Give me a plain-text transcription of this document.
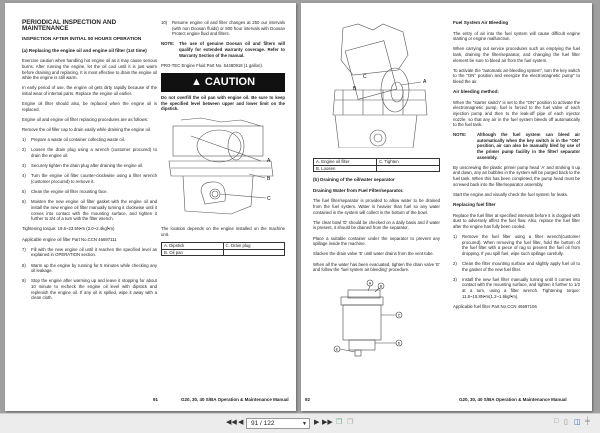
PERIODICAL INSPECTION AND MAINTENANCE
INSPECTION AFTER INITIAL 50 HOURS OPERATION
(a) Replacing the engine oil and engine oil filter (1st time)

Exercise caution when handling hot engine oil as it may cause serious burns. After running the engine, let the oil cool until it is just warm before draining and replacing. It is most effective to drain the engine oil while the engine is still warm.

In early period of use, the engine oil gets dirty rapidly because of the initial wear of internal parts. Replace the engine oil earlier.

Engine oil filter should also, be replaced when the engine oil is replaced.

Engine oil and engine oil filter replacing procedures are as follows:

Remove the oil filler cap to drain easily while draining the engine oil.

1)	Prepare a waste oil container collecting waste oil.
2)	Loosen the drain plug using a wrench (customer procured) to drain the engine oil.
3)	Securely tighten the drain plug after draining the engine oil.
4)	Turn the engine oil filter counter-clockwise using a filter wrench (customer procured) to remove it.
5)	Clean the engine oil filter mounting face.
6)	Moisten the new engine oil filter gasket with the engine oil and install the new engine oil filter manually turning it clockwise until it comes into contact with the mounting surface, and tighten it further to 3/4 of a turn with the filter wrench.

Tightening torque: 19.6~23.5N•m (2.0~2.4kgf•m)

Applicable engine oil filter Part No.CCN 46697111

7)	Fill with the new engine oil until it reaches the specified level as explained in OPERATION section.
8)	Warm up the engine by running for 5 minutes while checking any oil leakage.
9)	Stop the engine after warming up and leave it stopping for about 10 minute to recheck the engine oil level with dipstick and replenish the engine oil. If any oil is spilled, wipe it away with a clean cloth.
10)	Resume engine oil and filter changes at 250 our intervals (with non Doosan fluids) or 500 hour intervals with Doosan Protect engine fluid and filters.
NOTE:	The use of genuine Doosan oil and filters will qualify for extended warranty coverage. Refer to Warranty Section of the manual.

PRO-TEC Engine Fluid Part No. 54480918 (1 gallon).

▲ CAUTION

Do not overfill the oil pan with engine oil. Be sure to keep the specified level between upper and lower limit on the dipstick.

A
B
C

The location depends on the engine installed on the machine unit.

A. Dipstick	C. Drain plug
B. Oil pan	
91	G20, 30, 40 S/BA Operation & Maintenance Manual
A
B
C
A. Engine oil filter	C. Tighten
B. Loosen	
(b) Draining of the oil/water separator
Draining Water from Fuel Filter/separator.

The fuel filter/separator is provided to allow water to be drained from the fuel system. Water is heavier than fuel so any water contained in the system will collect in the bottom of the bowl.

The clear bowl 'D' should be checked on a daily basis and if water is present, it should be drained from the separator.

Place a suitable container under the separator to prevent any spillage inside the machine.

Slacken the drain valve 'E' until water drains from the vent tube.

When all the water has been evacuated, tighten the drain valve 'E' and follow the 'fuel system air bleeding' procedure.

A
B
C
D
E
Fuel System Air Bleeding

The entry of air into the fuel system will cause difficult engine starting or engine malfunction.

When carrying out service procedures such as emptying the fuel tank, draining the filter/separator, and changing the fuel filter element be sure to bleed air from the fuel system.

To activate the "automatic air-bleeding system", turn the key switch to the "ON" position and energize the electromagnetic pump" to bleed the air.

Air bleeding method:

When the "starter switch" is set to the "ON" position to activate the electromagnetic pump, fuel is forced to the fuel valve of each injection pump and then to the leak-off pipe of each injector nozzle, so that any air in the fuel system bleeds off automatically to the fuel tank.

NOTE:	Although the fuel system can bleed air automatically when the key switch is in the "ON" position, air can also be manually bled by use of the primer pump facility in the filter/ separator assembly.

By unscrewing the plastic primer pump head 'A' and stroking it up and down, any air bubbles in the system will be purged back to the fuel tank. When this has been completed, the pump head must be screwed back into the filter/separator assembly.

Start the engine and visually check the fuel system for leaks.

Replacing fuel filter

Replace the fuel filter at specified intervals before it is clogged with dust to adversely affect the fuel flow. Also, replace the fuel filter after the engine has fully been cooled.

1)	Remove the fuel filter using a filter wrench(customer procured). When removing the fuel filter, hold the bottom of the fuel filter with a piece of rag to prevent the fuel oil from dropping. If you spill fuel, wipe such spillage carefully.
2)	Clean the filter mounting surface and slightly apply fuel oil to the gasket of the new fuel filter.
3)	Install the new fuel filter manually turning until it comes into contact with the mounting surface, and tighten it further to 1/2 at a turn, using a filter wrench. Tightening torque: 11.8~15.8N•m(1.2~1.6kgf•m).

Applicable fuel filter Part No.CCN 46697106

92	G20, 30, 40 S/BA Operation & Maintenance Manual
◀◀ ◀	91 / 122	▼ ▶ ▶▶ ❐ ❐	□ ▯ ◫ ╪
